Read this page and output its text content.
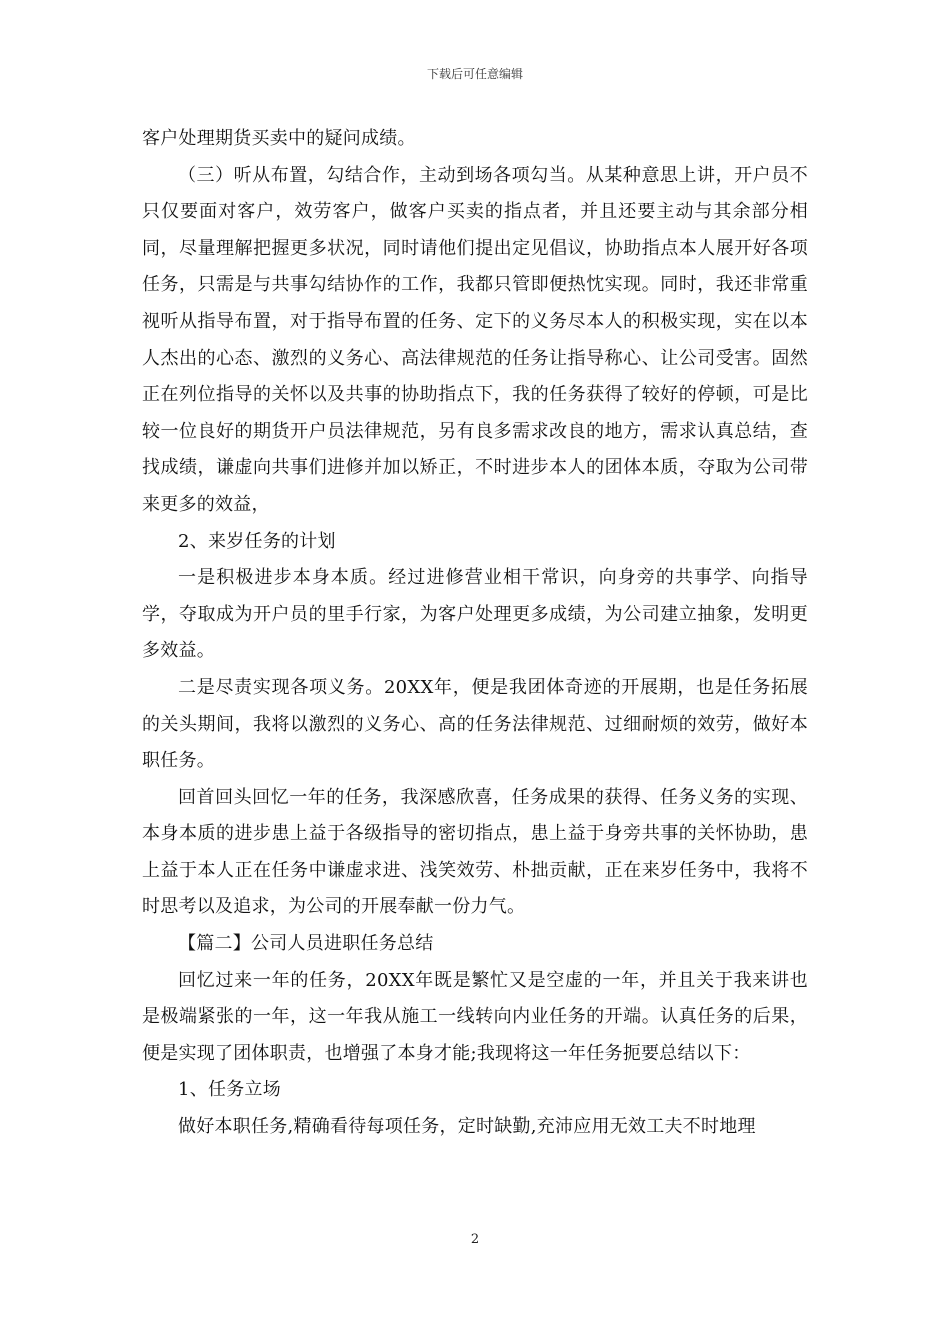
下载后可任意编辑

客户处理期货买卖中的疑问成绩。

（三）听从布置，勾结合作，主动到场各项勾当。从某种意思上讲，开户员不只仅要面对客户，效劳客户，做客户买卖的指点者，并且还要主动与其余部分相同，尽量理解把握更多状况，同时请他们提出定见倡议，协助指点本人展开好各项任务，只需是与共事勾结协作的工作，我都只管即便热忱实现。同时，我还非常重视听从指导布置，对于指导布置的任务、定下的义务尽本人的积极实现，实在以本人杰出的心态、激烈的义务心、高法律规范的任务让指导称心、让公司受害。固然正在列位指导的关怀以及共事的协助指点下，我的任务获得了较好的停顿，可是比较一位良好的期货开户员法律规范，另有良多需求改良的地方，需求认真总结，查找成绩，谦虚向共事们进修并加以矫正，不时进步本人的团体本质，夺取为公司带来更多的效益，

2、来岁任务的计划

一是积极进步本身本质。经过进修营业相干常识，向身旁的共事学、向指导学，夺取成为开户员的里手行家，为客户处理更多成绩，为公司建立抽象，发明更多效益。

二是尽责实现各项义务。20XX年，便是我团体奇迹的开展期，也是任务拓展的关头期间，我将以激烈的义务心、高的任务法律规范、过细耐烦的效劳，做好本职任务。

回首回头回忆一年的任务，我深感欣喜，任务成果的获得、任务义务的实现、本身本质的进步患上益于各级指导的密切指点，患上益于身旁共事的关怀协助，患上益于本人正在任务中谦虚求进、浅笑效劳、朴拙贡献，正在来岁任务中，我将不时思考以及追求，为公司的开展奉献一份力气。

【篇二】公司人员进职任务总结

回忆过来一年的任务，20XX年既是繁忙又是空虚的一年，并且关于我来讲也是极端紧张的一年，这一年我从施工一线转向内业任务的开端。认真任务的后果，便是实现了团体职责，也增强了本身才能;我现将这一年任务扼要总结以下：

1、任务立场

做好本职任务,精确看待每项任务，定时缺勤,充沛应用无效工夫不时地理

2
